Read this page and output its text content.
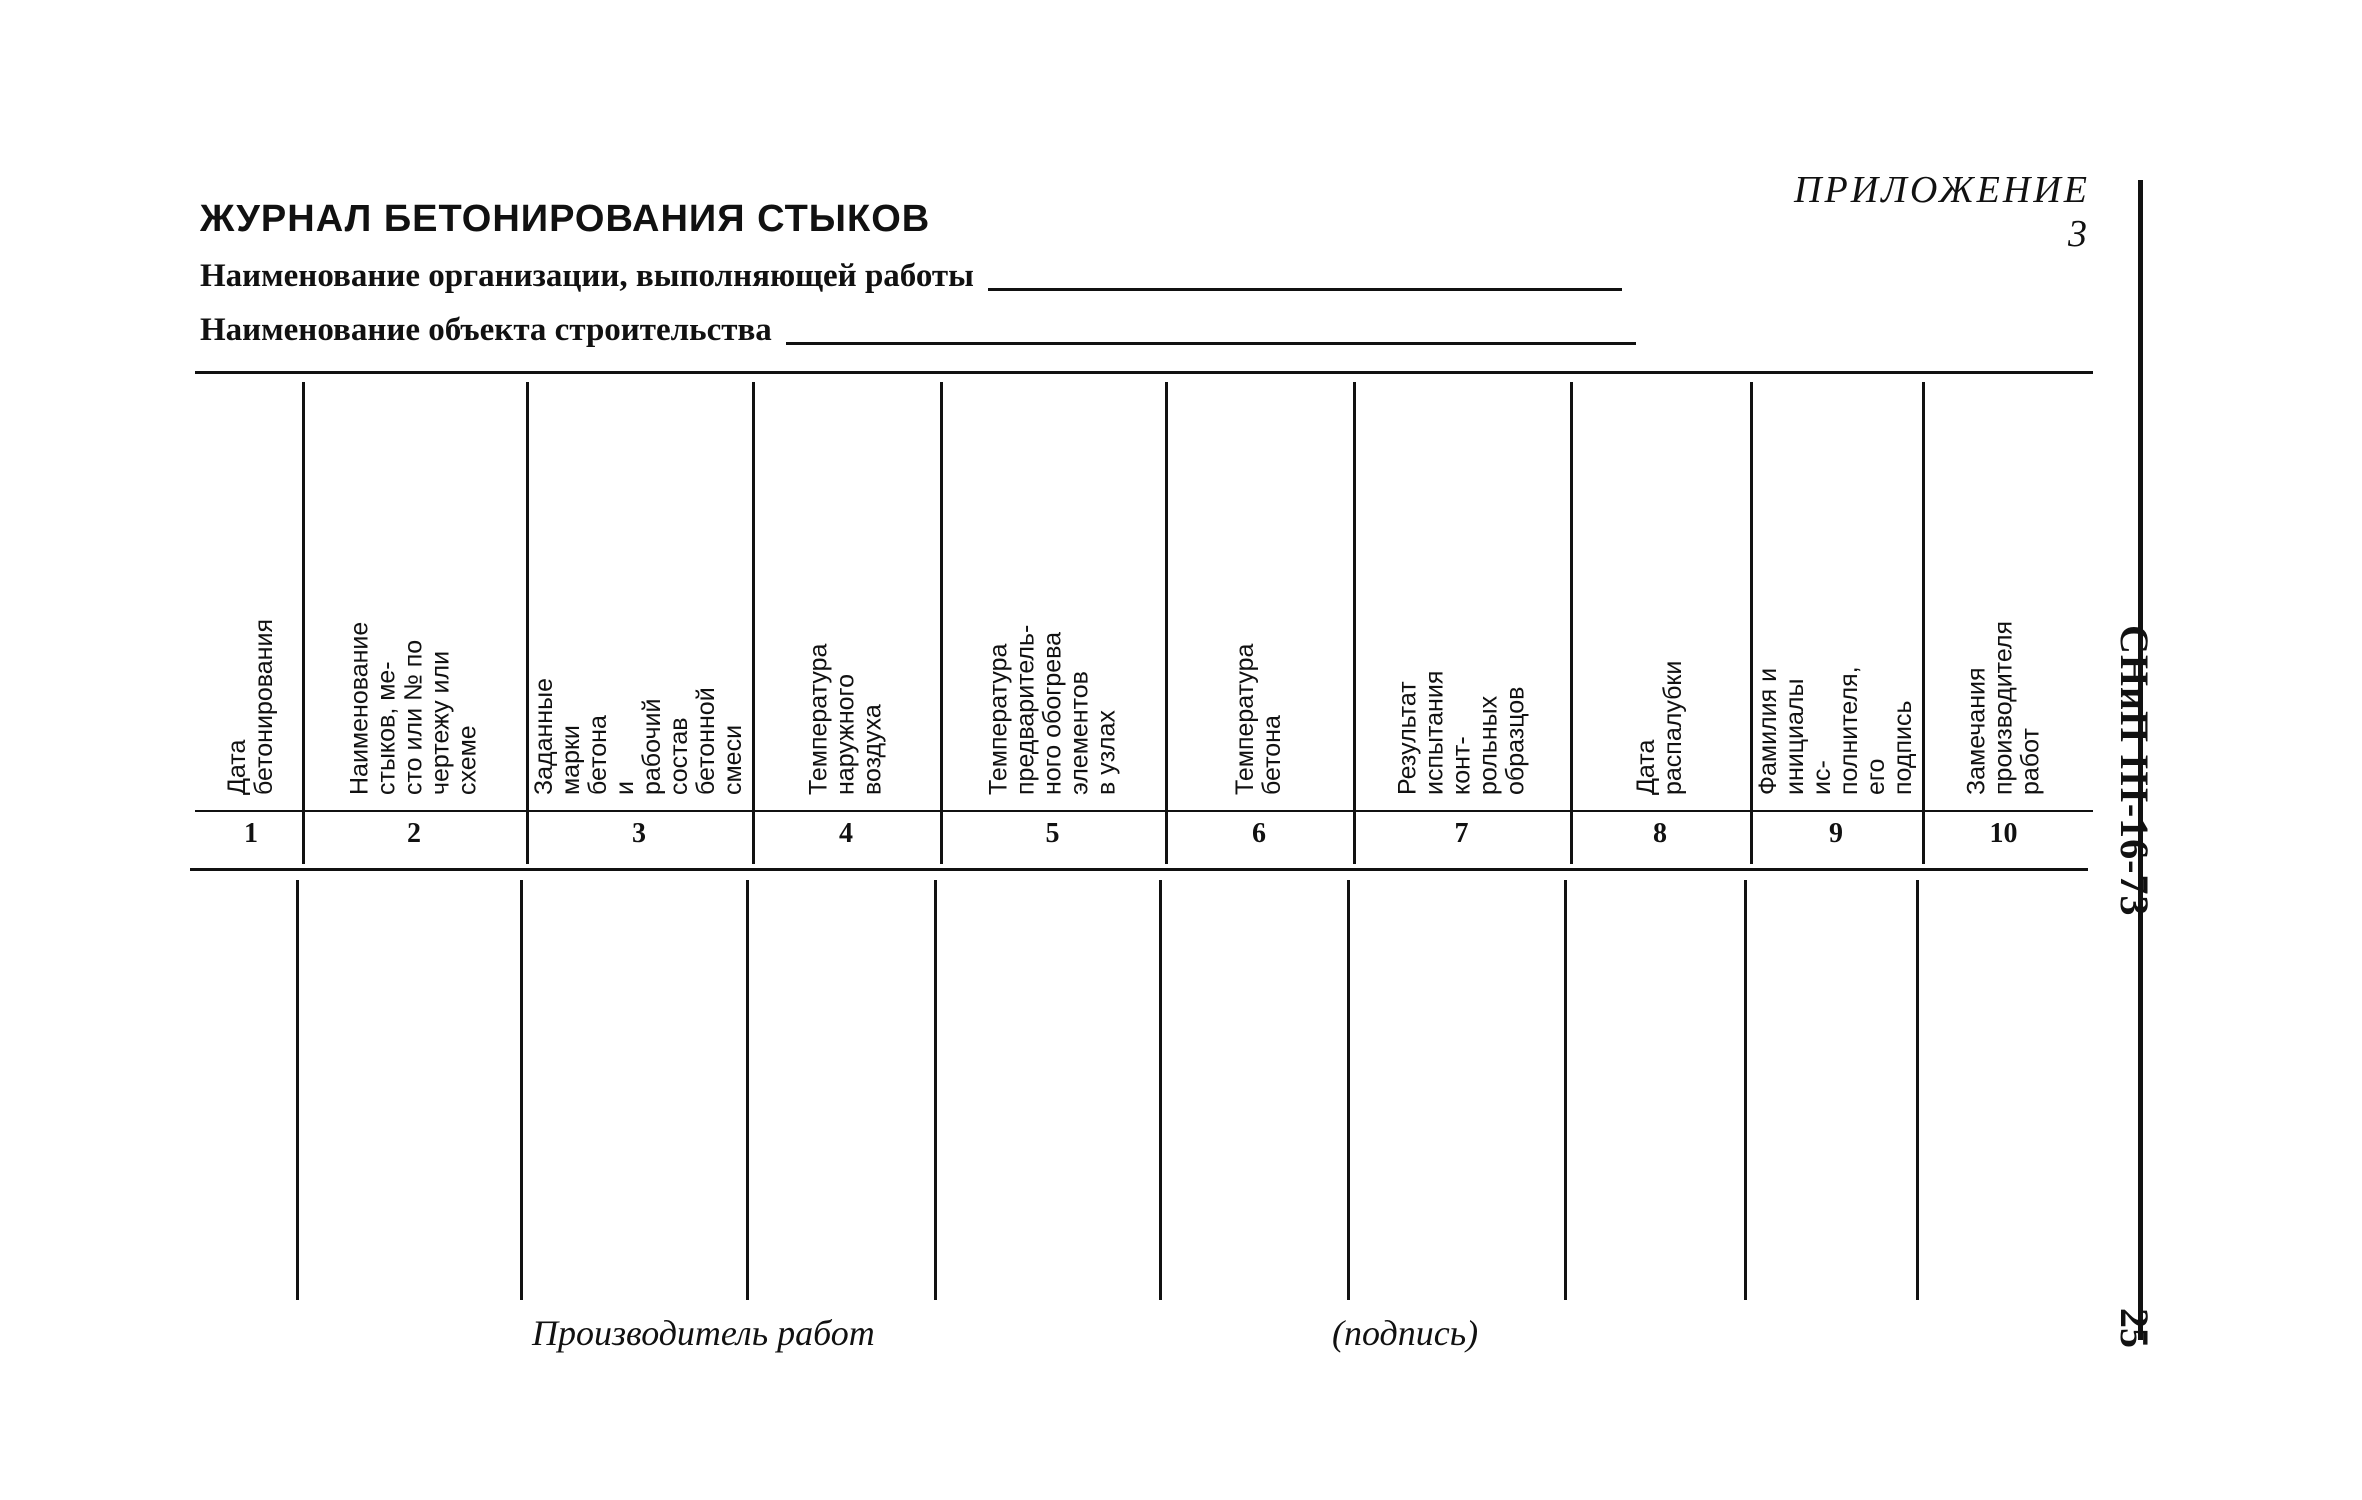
ПРИЛОЖЕНИЕ 3
ЖУРНАЛ БЕТОНИРОВАНИЯ СТЫКОВ
Наименование организации, выполняющей работы
Наименование объекта строительства
Дата бетонирования
1
Наименование стыков, ме-
сто или № по чертежу или
схеме
2
Заданные марки бетона
и рабочий состав бетонной
смеси
3
Температура наружного
воздуха
4
Температура предваритель-
ного обогрева элементов
в узлах
5
Температура бетона
6
Результат испытания конт-
рольных образцов
7
Дата распалубки
8
Фамилия и инициалы ис-
полнителя, его подпись
9
Замечания производителя
работ
10
Производитель работ	(подпись)
СНиП III-16-73
25
